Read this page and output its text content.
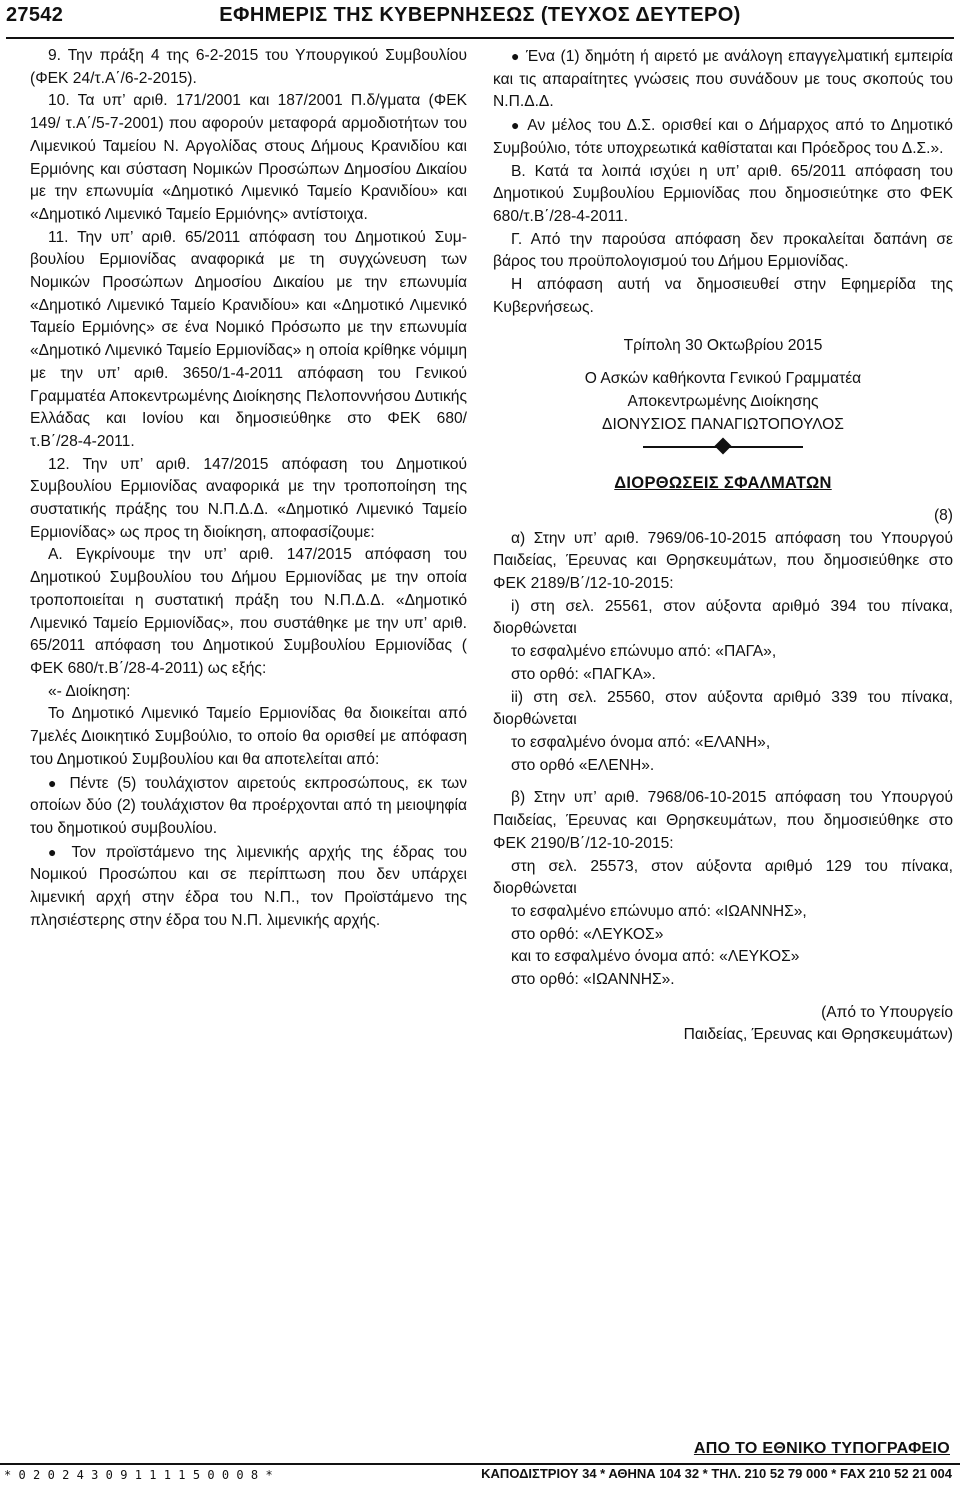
27542	ΕΦΗΜΕΡΙΣ ΤΗΣ ΚΥΒΕΡΝΗΣΕΩΣ (ΤΕΥΧΟΣ ΔΕΥΤΕΡΟ)

9. Την πράξη 4 της 6‑2‑2015 του Υπουργικού Συμβουλίου (ΦΕΚ 24/τ.Α΄/6‑2‑2015).

10. Τα υπ’ αριθ. 171/2001 και 187/2001 Π.δ/γματα (ΦΕΚ 149/ τ.Α΄/5‑7‑2001) που αφορούν μεταφορά αρμοδιοτήτων του Λιμενικού Ταμείου Ν. Αργολίδας στους Δήμους Κρανιδίου και Ερμιόνης και σύσταση Νομικών Προσώπων Δημοσίου Δικαίου με την επωνυμία «Δημοτικό Λιμενικό Ταμείο Κρανιδίου» και «Δημοτικό Λιμενικό Ταμείο Ερμιόνης» αντίστοιχα.

11. Την υπ’ αριθ. 65/2011 απόφαση του Δημοτικού Συμβουλίου Ερμιονίδας αναφορικά με τη συγχώνευση των Νομικών Προσώπων Δημοσίου Δικαίου με την επωνυμία «Δημοτικό Λιμενικό Ταμείο Κρανιδίου» και «Δημοτικό Λιμενικό Ταμείο Ερμιόνης» σε ένα Νομικό Πρόσωπο με την επωνυμία «Δημοτικό Λιμενικό Ταμείο Ερμιονίδας» η οποία κρίθηκε νόμιμη με την υπ’ αριθ. 3650/1‑4‑2011 απόφαση του Γενικού Γραμματέα Αποκεντρωμένης Διοίκησης Πελοποννήσου Δυτικής Ελλάδας και Ιονίου και δημοσιεύθηκε στο ΦΕΚ 680/τ.Β΄/28‑4‑2011.

12. Την υπ’ αριθ. 147/2015 απόφαση του Δημοτικού Συμβουλίου Ερμιονίδας αναφορικά με την τροποποίηση της συστατικής πράξης του Ν.Π.Δ.Δ. «Δημοτικό Λιμενικό Ταμείο Ερμιονίδας» ως προς τη διοίκηση, αποφασίζουμε:

Α. Εγκρίνουμε την υπ’ αριθ. 147/2015 απόφαση του Δημοτικού Συμβουλίου του Δήμου Ερμιονίδας με την οποία τροποποιείται η συστατική πράξη του Ν.Π.Δ.Δ. «Δημοτικό Λιμενικό Ταμείο Ερμιονίδας», που συστάθηκε με την υπ’ αριθ. 65/2011 απόφαση του Δημοτικού Συμβουλίου Ερμιονίδας ( ΦΕΚ 680/τ.Β΄/28‑4‑2011) ως εξής:

«‑ Διοίκηση:

Το Δημοτικό Λιμενικό Ταμείο Ερμιονίδας θα διοικείται από 7μελές Διοικητικό Συμβούλιο, το οποίο θα ορισθεί με απόφαση του Δημοτικού Συμβουλίου και θα αποτελείται από:

● Πέντε (5) τουλάχιστον αιρετούς εκπροσώπους, εκ των οποίων δύο (2) τουλάχιστον θα προέρχονται από τη μειοψηφία του δημοτικού συμβουλίου.

● Τον προϊστάμενο της λιμενικής αρχής της έδρας του Νομικού Προσώπου και σε περίπτωση που δεν υπάρχει λιμενική αρχή στην έδρα του Ν.Π., τον Προϊστάμενο της πλησιέστερης στην έδρα του Ν.Π. λιμενικής αρχής.

● Ένα (1) δημότη ή αιρετό με ανάλογη επαγγελματική εμπειρία και τις απαραίτητες γνώσεις που συνάδουν με τους σκοπούς του Ν.Π.Δ.Δ.

● Αν μέλος του Δ.Σ. ορισθεί και ο Δήμαρχος από το Δημοτικό Συμβούλιο, τότε υποχρεωτικά καθίσταται και Πρόεδρος του Δ.Σ.».

Β. Κατά τα λοιπά ισχύει η υπ’ αριθ. 65/2011 απόφαση του Δημοτικού Συμβουλίου Ερμιονίδας που δημοσιεύτηκε στο ΦΕΚ 680/τ.Β΄/28‑4‑2011.

Γ. Από την παρούσα απόφαση δεν προκαλείται δαπάνη σε βάρος του προϋπολογισμού του Δήμου Ερμιονίδας.

Η απόφαση αυτή να δημοσιευθεί στην Εφημερίδα της Κυβερνήσεως.

Τρίπολη 30 Οκτωβρίου 2015

Ο Ασκών καθήκοντα Γενικού Γραμματέα

Αποκεντρωμένης Διοίκησης

ΔΙΟΝΥΣΙΟΣ ΠΑΝΑΓΙΩΤΟΠΟΥΛΟΣ

ΔΙΟΡΘΩΣΕΙΣ ΣΦΑΛΜΑΤΩΝ

(8)

α) Στην υπ’ αριθ. 7969/06‑10‑2015 απόφαση του Υπουργού Παιδείας, Έρευνας και Θρησκευμάτων, που δημοσιεύθηκε στο ΦΕΚ 2189/Β΄/12‑10‑2015:

i) στη σελ. 25561, στον αύξοντα αριθμό 394 του πίνακα, διορθώνεται

το εσφαλμένο επώνυμο από: «ΠΑΓΑ»,

στο ορθό: «ΠΑΓΚΑ».

ii) στη σελ. 25560, στον αύξοντα αριθμό 339 του πίνακα, διορθώνεται

το εσφαλμένο όνομα από: «ΕΛΑΝΗ»,

στο ορθό «ΕΛΕΝΗ».

β) Στην υπ’ αριθ. 7968/06‑10‑2015 απόφαση του Υπουργού Παιδείας, Έρευνας και Θρησκευμάτων, που δημοσιεύθηκε στο ΦΕΚ 2190/Β΄/12‑10‑2015:

στη σελ. 25573, στον αύξοντα αριθμό 129 του πίνακα, διορθώνεται

το εσφαλμένο επώνυμο από: «ΙΩΑΝΝΗΣ»,

στο ορθό: «ΛΕΥΚΟΣ»

και το εσφαλμένο όνομα από: «ΛΕΥΚΟΣ»

στο ορθό: «ΙΩΑΝΝΗΣ».

(Από το Υπουργείο

Παιδείας, Έρευνας και Θρησκευμάτων)

ΑΠΟ ΤΟ ΕΘΝΙΚΟ ΤΥΠΟΓΡΑΦΕΙΟ
*02024309111150008*	ΚΑΠΟΔΙΣΤΡΙΟΥ 34 * ΑΘΗΝΑ 104 32 * ΤΗΛ. 210 52 79 000 * FAX 210 52 21 004
